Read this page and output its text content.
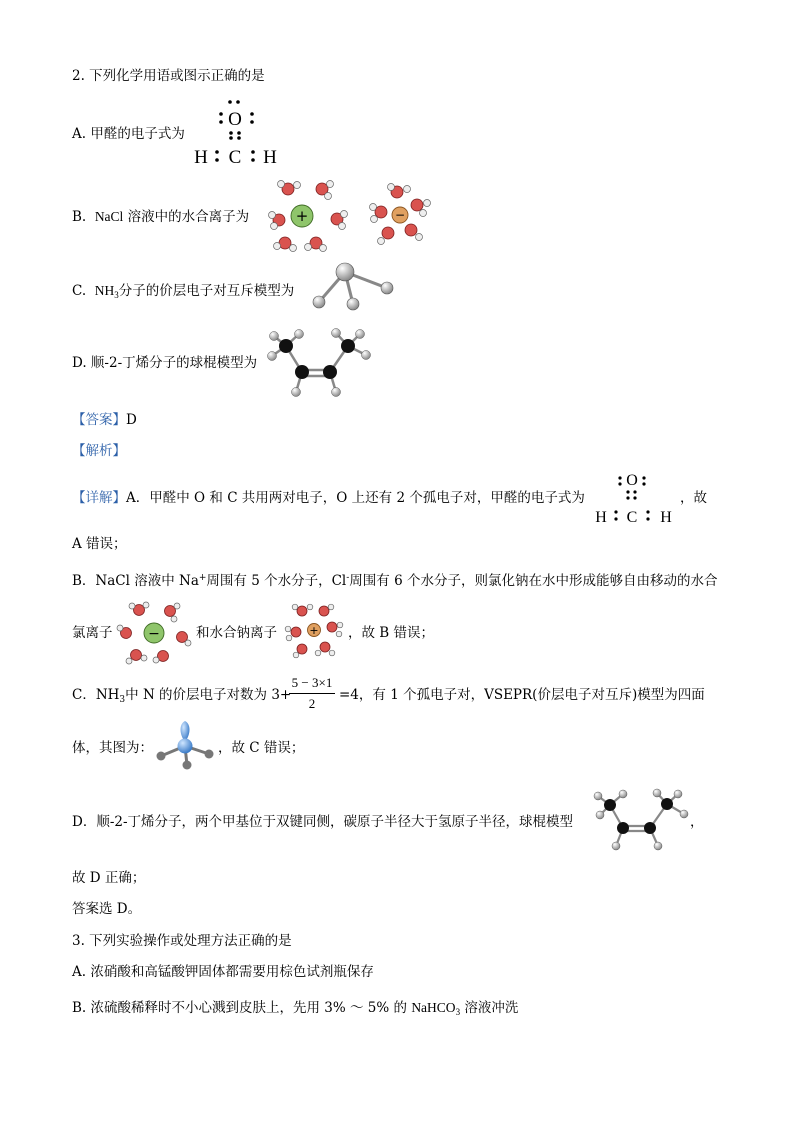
2. 下列化学用语或图示正确的是
A. 甲醛的电子式为
O
H C H
B. NaCl 溶液中的水合离子为	+	−
C. $NH_3$分子的价层电子对互斥模型为
D. 顺-2-丁烯分子的球棍模型为
【答案】D
【解析】
【详解】A．甲醛中 O 和 C 共用两对电子，O 上还有 2 个孤电子对，甲醛的电子式为
O
H C H
，故
A 错误；
B．NaCl 溶液中 Na+周围有 5 个水分子，Cl-周围有 6 个水分子，则氯化钠在水中形成能够自由移动的水合
氯离子	−	和水合钠离子	+ ，故 B 错误；
C．$NH_3$中 N 的价层电子对数为 3+
5 − 3×1
2
=4，有 1 个孤电子对，VSEPR(价层电子对互斥)模型为四面
体，其图为：	，故 C 错误；
D．顺-2-丁烯分子，两个甲基位于双键同侧，碳原子半径大于氢原子半径，球棍模型	，
故 D 正确；
答案选 D。
3. 下列实验操作或处理方法正确的是
A. 浓硝酸和高锰酸钾固体都需要用棕色试剂瓶保存
B. 浓硫酸稀释时不小心溅到皮肤上，先用 3% ～ 5% 的 NaHCO$_3$ 溶液冲洗
